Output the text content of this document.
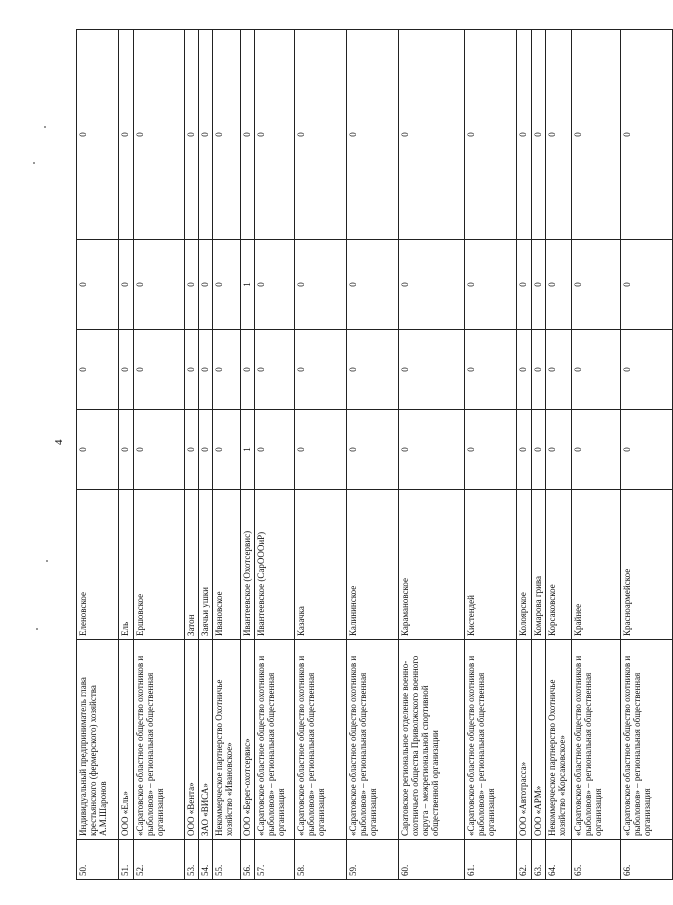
4
50.	Индивидуальный предприниматель глава крестьянского (фермерского) хозяйства А.М.Шаронов	Еленовское	0	0	0	0
51.	ООО «Ель»	Ель	0	0	0	0
52.	«Саратовское областное общество охотников и рыболовов» – региональная общественная организация	Ершовское	0	0	0	0
53.	ООО «Вента»	Затон	0	0	0	0
54.	ЗАО «ВИСА»	Заячьи ушки	0	0	0	0
55.	Некоммерческое партнерство Охотничье хозяйство «Ивановское»	Ивановское	0	0	0	0
56.	ООО «Берег-охотсервис»	Ивантеевское (Охотсервис)	1	0	1	0
57.	«Саратовское областное общество охотников и рыболовов» – региональная общественная организация	Ивантеевское (СарОООиР)	0	0	0	0
58.	«Саратовское областное общество охотников и рыболовов» – региональная общественная организация	Казачка	0	0	0	0
59.	«Саратовское областное общество охотников и рыболовов» – региональная общественная организация	Калининское	0	0	0	0
60.	Саратовское региональное отделение военно-охотничьего общества Приволжского военного округа – межрегиональной спортивной общественной организации	Карамановское	0	0	0	0
61.	«Саратовское областное общество охотников и рыболовов» – региональная общественная организация	Кистендей	0	0	0	0
62.	ООО «Автотрасса»	Колоярское	0	0	0	0
63.	ООО «АРМ»	Комарова грива	0	0	0	0
64.	Некоммерческое партнерство Охотничье хозяйство «Корсаковское»	Корсаковское	0	0	0	0
65.	«Саратовское областное общество охотников и рыболовов» – региональная общественная организация	Крайнее	0	0	0	0
66.	«Саратовское областное общество охотников и рыболовов» – региональная общественная организация	Красноармейское	0	0	0	0
